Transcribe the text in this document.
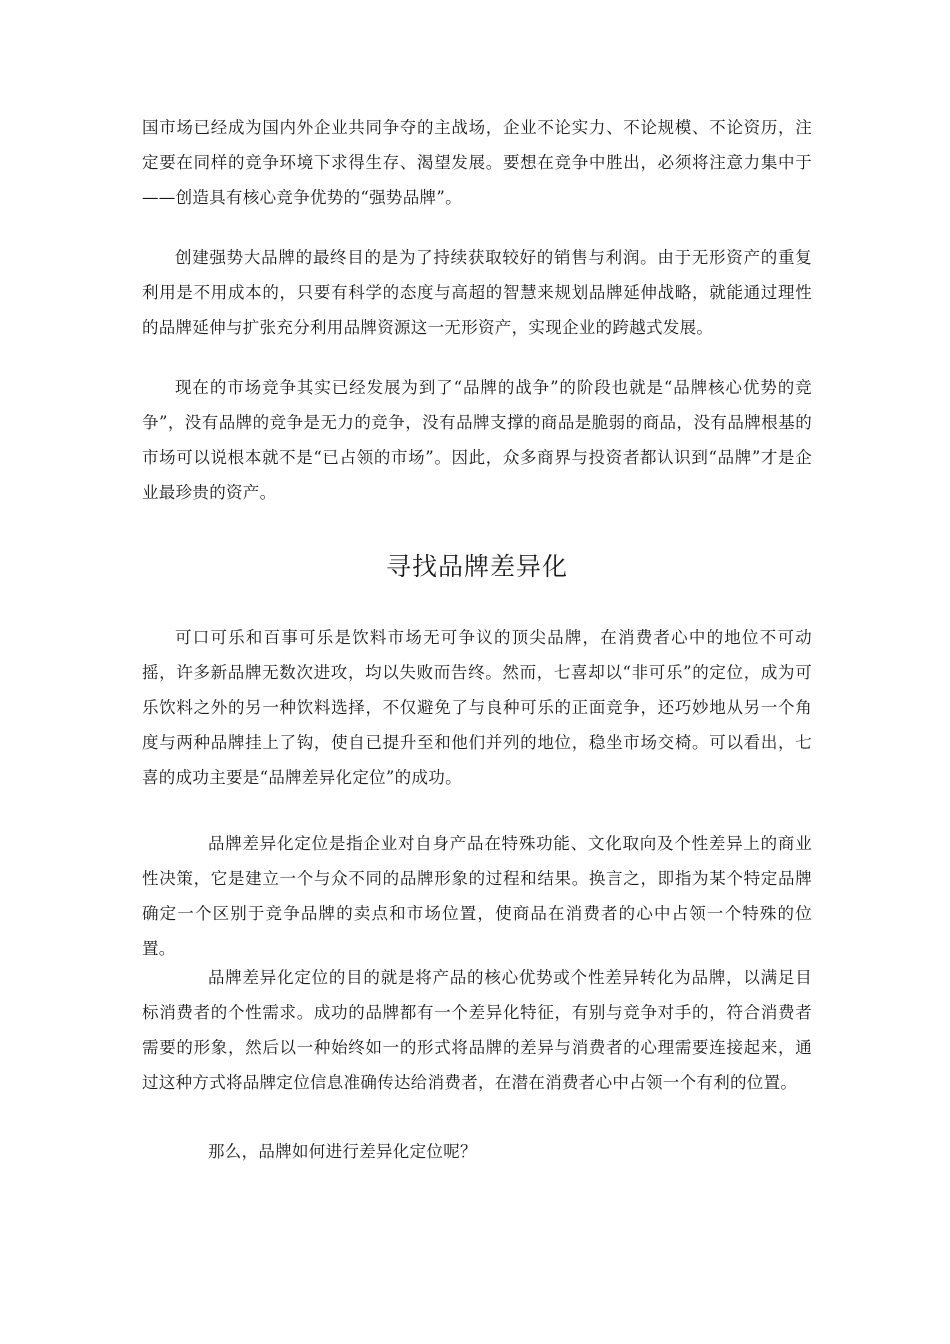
国市场已经成为国内外企业共同争夺的主战场，企业不论实力、不论规模、不论资历，注定要在同样的竞争环境下求得生存、渴望发展。要想在竞争中胜出，必须将注意力集中于——创造具有核心竞争优势的“强势品牌”。

创建强势大品牌的最终目的是为了持续获取较好的销售与利润。由于无形资产的重复利用是不用成本的，只要有科学的态度与高超的智慧来规划品牌延伸战略，就能通过理性的品牌延伸与扩张充分利用品牌资源这一无形资产，实现企业的跨越式发展。

现在的市场竞争其实已经发展为到了“品牌的战争”的阶段也就是“品牌核心优势的竞争”，没有品牌的竞争是无力的竞争，没有品牌支撑的商品是脆弱的商品，没有品牌根基的市场可以说根本就不是“已占领的市场”。因此，众多商界与投资者都认识到“品牌”才是企业最珍贵的资产。

寻找品牌差异化

可口可乐和百事可乐是饮料市场无可争议的顶尖品牌，在消费者心中的地位不可动摇，许多新品牌无数次进攻，均以失败而告终。然而，七喜却以“非可乐”的定位，成为可乐饮料之外的另一种饮料选择，不仅避免了与良种可乐的正面竞争，还巧妙地从另一个角度与两种品牌挂上了钩，使自已提升至和他们并列的地位，稳坐市场交椅。可以看出，七喜的成功主要是“品牌差异化定位”的成功。

品牌差异化定位是指企业对自身产品在特殊功能、文化取向及个性差异上的商业性决策，它是建立一个与众不同的品牌形象的过程和结果。换言之，即指为某个特定品牌确定一个区别于竞争品牌的卖点和市场位置，使商品在消费者的心中占领一个特殊的位置。

品牌差异化定位的目的就是将产品的核心优势或个性差异转化为品牌，以满足目标消费者的个性需求。成功的品牌都有一个差异化特征，有别与竞争对手的，符合消费者需要的形象，然后以一种始终如一的形式将品牌的差异与消费者的心理需要连接起来，通过这种方式将品牌定位信息准确传达给消费者，在潜在消费者心中占领一个有利的位置。

那么，品牌如何进行差异化定位呢？
